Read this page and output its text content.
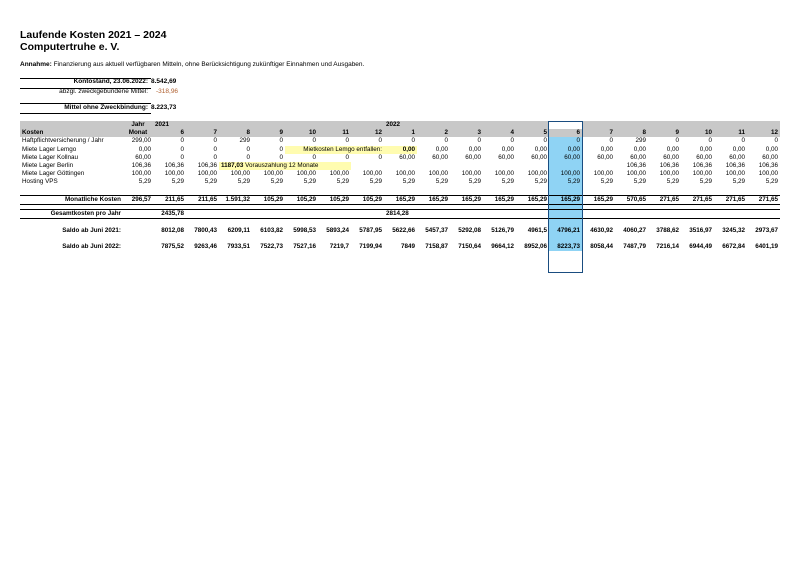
Laufende Kosten 2021 – 2024
Computertruhe e. V.
Annahme: Finanzierung aus aktuell verfügbaren Mitteln, ohne Berücksichtigung zukünftiger Einnahmen und Ausgaben.
Kontostand, 23.06.2022: 8.542,69
abzgl. zweckgebundene Mittel: -318,96
Mittel ohne Zweckbindung: 8.223,73
	Jahr	2021							2022											
Kosten	Monat	6	7	8	9	10	11	12	1	2	3	4	5	6	7	8	9	10	11	12
Haftpflichtversicherung / Jahr	299,00	0	0	299	0	0	0	0	0	0	0	0	0	0	0	299	0	0	0	0
Miete Lager Lemgo	0,00	0	0	0	0	Mietkosten Lemgo entfallen:			0,00	0,00	0,00	0,00	0,00	0,00	0,00	0,00	0,00	0,00	0,00	0,00
Miete Lager Kollnau	60,00	0	0	0	0	0	0	0	60,00	60,00	60,00	60,00	60,00	60,00	60,00	60,00	60,00	60,00	60,00	60,00
Miete Lager Berlin	106,36	106,36	106,36	1187,03 Vorauszahlung 12 Monate												106,36	106,36	106,36	106,36	106,36
Miete Lager Göttingen	100,00	100,00	100,00	100,00	100,00	100,00	100,00	100,00	100,00	100,00	100,00	100,00	100,00	100,00	100,00	100,00	100,00	100,00	100,00	100,00
Hosting VPS	5,29	5,29	5,29	5,29	5,29	5,29	5,29	5,29	5,29	5,29	5,29	5,29	5,29	5,29	5,29	5,29	5,29	5,29	5,29	5,29

Monatliche Kosten	296,57	211,65	211,65	1.591,32	105,29	105,29	105,29	105,29	165,29	165,29	165,29	165,29	165,29	165,29	165,29	570,65	271,65	271,65	271,65	271,65

Gesamtkosten pro Jahr		2435,78							2814,28											

Saldo ab Juni 2021:		8012,08	7800,43	6209,11	6103,82	5998,53	5893,24	5787,95	5622,66	5457,37	5292,08	5126,79	4961,5	4796,21	4630,92	4060,27	3788,62	3516,97	3245,32	2973,67

Saldo ab Juni 2022:		7875,52	9263,46	7933,51	7522,73	7527,16	7219,7	7199,94	7849	7158,87	7150,64	9664,12	8952,06	8223,73	8058,44	7487,79	7216,14	6944,49	6672,84	6401,19
